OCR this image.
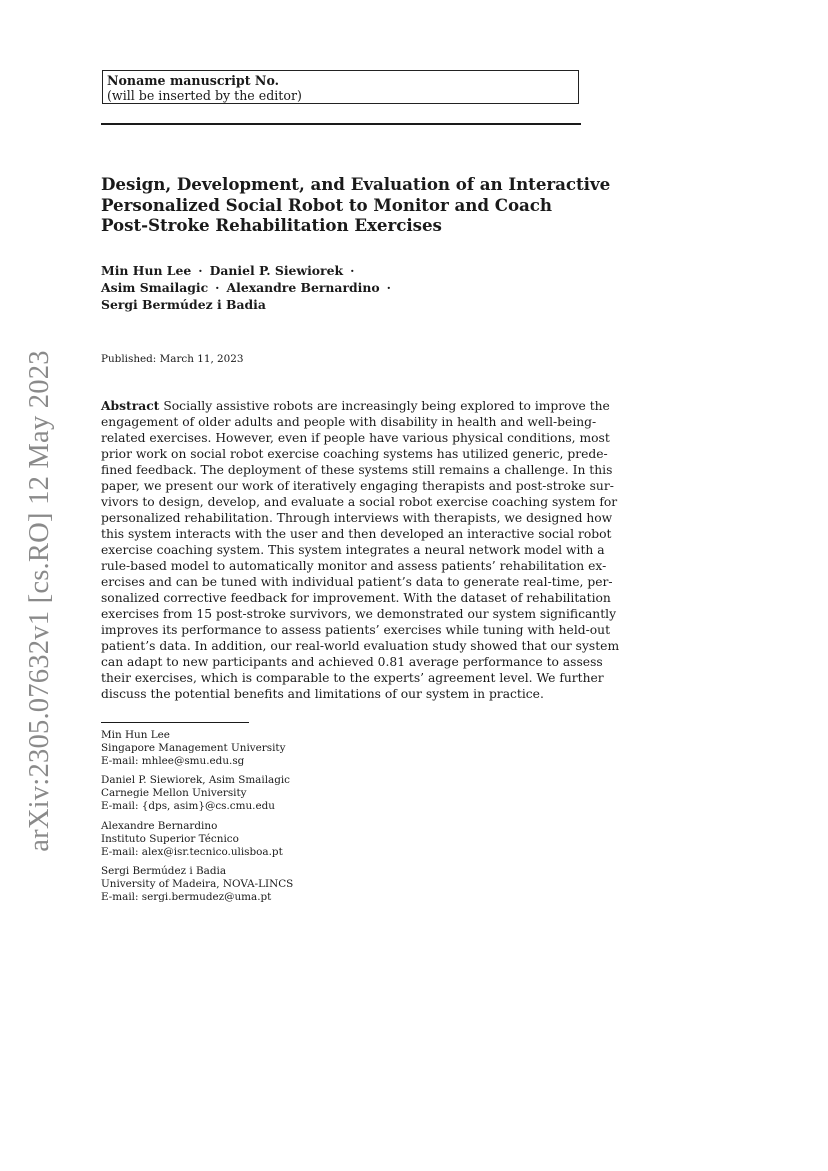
arXiv:2305.07632v1 [cs.RO] 12 May 2023
Noname manuscript No.
(will be inserted by the editor)
Design, Development, and Evaluation of an Interactive
Personalized Social Robot to Monitor and Coach
Post-Stroke Rehabilitation Exercises
Min Hun Lee · Daniel P. Siewiorek ·
Asim Smailagic · Alexandre Bernardino ·
Sergi Bermúdez i Badia
Published: March 11, 2023
Abstract Socially assistive robots are increasingly being explored to improve the
engagement of older adults and people with disability in health and well-being-
related exercises. However, even if people have various physical conditions, most
prior work on social robot exercise coaching systems has utilized generic, prede-
fined feedback. The deployment of these systems still remains a challenge. In this
paper, we present our work of iteratively engaging therapists and post-stroke sur-
vivors to design, develop, and evaluate a social robot exercise coaching system for
personalized rehabilitation. Through interviews with therapists, we designed how
this system interacts with the user and then developed an interactive social robot
exercise coaching system. This system integrates a neural network model with a
rule-based model to automatically monitor and assess patients’ rehabilitation ex-
ercises and can be tuned with individual patient’s data to generate real-time, per-
sonalized corrective feedback for improvement. With the dataset of rehabilitation
exercises from 15 post-stroke survivors, we demonstrated our system significantly
improves its performance to assess patients’ exercises while tuning with held-out
patient’s data. In addition, our real-world evaluation study showed that our system
can adapt to new participants and achieved 0.81 average performance to assess
their exercises, which is comparable to the experts’ agreement level. We further
discuss the potential benefits and limitations of our system in practice.
Min Hun Lee
Singapore Management University
E-mail: mhlee@smu.edu.sg
Daniel P. Siewiorek, Asim Smailagic
Carnegie Mellon University
E-mail: {dps, asim}@cs.cmu.edu
Alexandre Bernardino
Instituto Superior Técnico
E-mail: alex@isr.tecnico.ulisboa.pt
Sergi Bermúdez i Badia
University of Madeira, NOVA-LINCS
E-mail: sergi.bermudez@uma.pt
